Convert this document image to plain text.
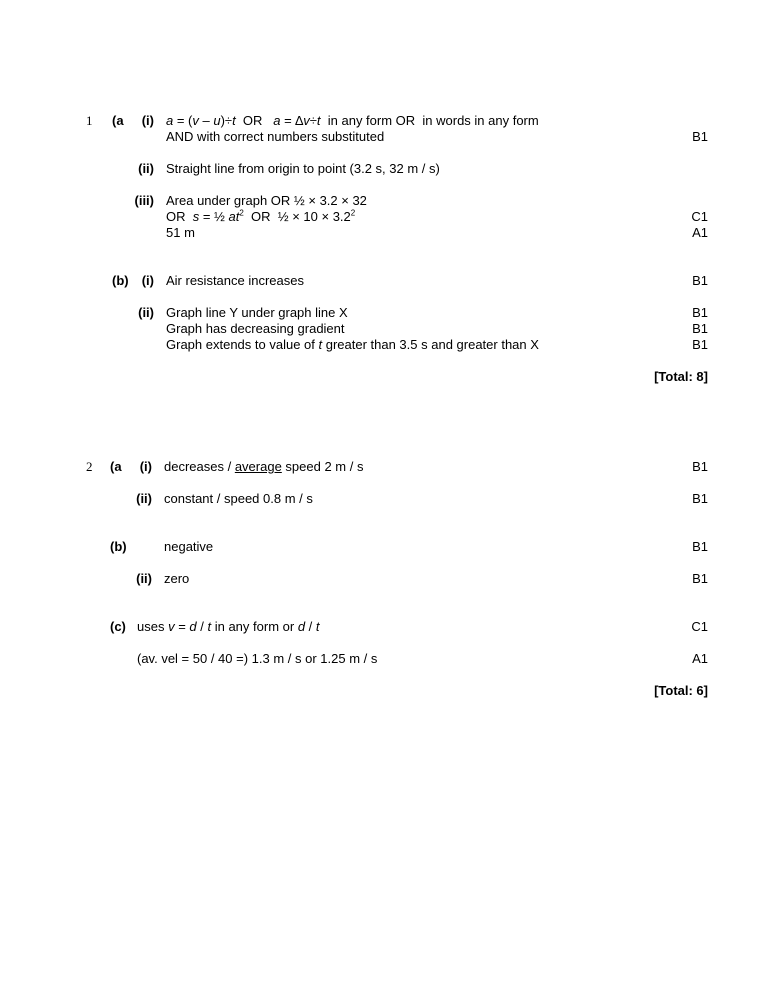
1 (a	(i) a = (v – u)÷t  OR   a = ∆v÷t  in any form OR  in words in any form
AND with correct numbers substituted	B1
(ii) Straight line from origin to point (3.2 s, 32 m / s)
(iii) Area under graph OR ½ × 3.2 × 32
OR  s = ½ $at^2$  OR  ½ × $10 \times 3.2^2$	C1
51 m	A1
(b)	(i) Air resistance increases	B1
(ii) Graph line Y under graph line X	B1
Graph has decreasing gradient	B1
Graph extends to value of t greater than 3.5 s and greater than X	B1
[Total: 8]
2 (a	(i) decreases / average speed 2 m / s	B1
(ii) constant / speed 0.8 m / s	B1
(b)	negative	B1
(ii) zero	B1
(c) uses v = d / t in any form or d / t	C1
(av. vel = 50 / 40 =) 1.3 m / s or 1.25 m / s	A1
[Total: 6]
